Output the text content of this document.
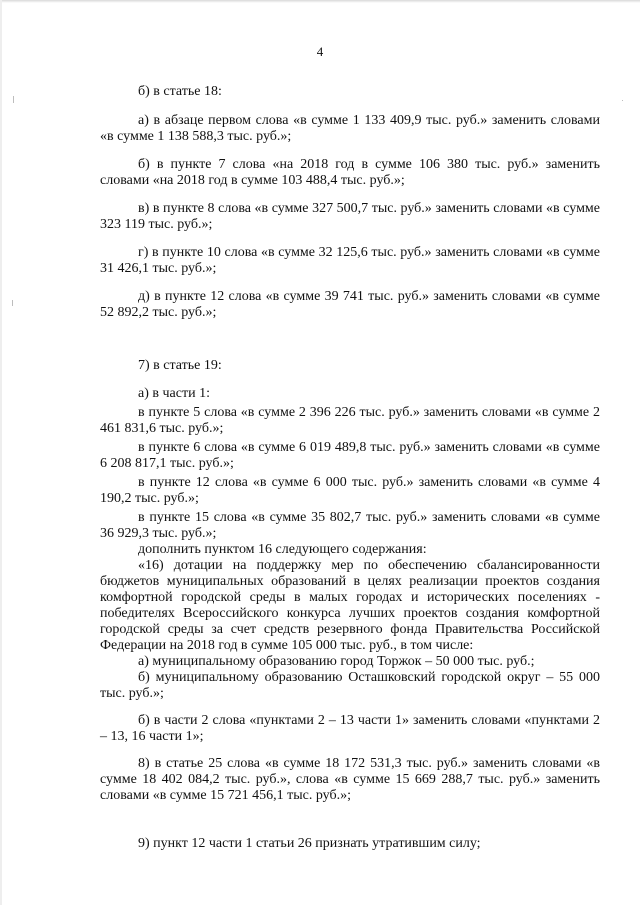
4

б) в статье 18:

а) в абзаце первом слова «в сумме 1 133 409,9 тыс. руб.» заменить словами «в сумме 1 138 588,3 тыс. руб.»;

б) в пункте 7 слова «на 2018 год в сумме 106 380 тыс. руб.» заменить словами «на 2018 год в сумме 103 488,4 тыс. руб.»;

в) в пункте 8 слова «в сумме 327 500,7 тыс. руб.» заменить словами «в сумме 323 119 тыс. руб.»;

г) в пункте 10 слова «в сумме 32 125,6 тыс. руб.» заменить словами «в сумме 31 426,1 тыс. руб.»;

д) в пункте 12 слова «в сумме 39 741 тыс. руб.» заменить словами «в сумме 52 892,2 тыс. руб.»;

7) в статье 19:

а) в части 1:

в пункте 5 слова «в сумме 2 396 226 тыс. руб.» заменить словами «в сумме 2 461 831,6 тыс. руб.»;

в пункте 6 слова «в сумме 6 019 489,8 тыс. руб.» заменить словами «в сумме 6 208 817,1 тыс. руб.»;

в пункте 12 слова «в сумме 6 000 тыс. руб.» заменить словами «в сумме 4 190,2 тыс. руб.»;

в пункте 15 слова «в сумме 35 802,7 тыс. руб.» заменить словами «в сумме 36 929,3 тыс. руб.»;

дополнить пунктом 16 следующего содержания:

«16) дотации на поддержку мер по обеспечению сбалансированности бюджетов муниципальных образований в целях реализации проектов создания комфортной городской среды в малых городах и исторических поселениях - победителях Всероссийского конкурса лучших проектов создания комфортной городской среды за счет средств резервного фонда Правительства Российской Федерации на 2018 год в сумме 105 000 тыс. руб., в том числе:

а) муниципальному образованию город Торжок – 50 000 тыс. руб.;

б) муниципальному образованию Осташковский городской округ – 55 000 тыс. руб.»;

б) в части 2 слова «пунктами 2 – 13 части 1» заменить словами «пунктами 2 – 13, 16 части 1»;

8) в статье 25 слова «в сумме 18 172 531,3 тыс. руб.» заменить словами «в сумме 18 402 084,2 тыс. руб.», слова «в сумме 15 669 288,7 тыс. руб.» заменить словами «в сумме 15 721 456,1 тыс. руб.»;

9) пункт 12 части 1 статьи 26 признать утратившим силу;
